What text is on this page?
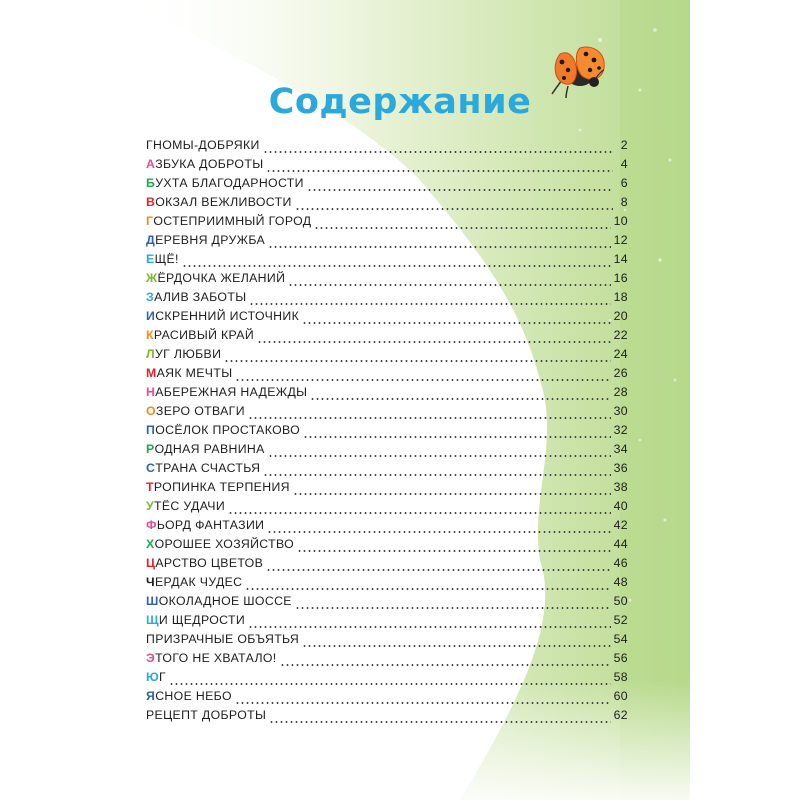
Содержание
ГНОМЫ-ДОБРЯКИ	2
АЗБУКА ДОБРОТЫ	4
БУХТА БЛАГОДАРНОСТИ	6
ВОКЗАЛ ВЕЖЛИВОСТИ	8
ГОСТЕПРИИМНЫЙ ГОРОД	10
ДЕРЕВНЯ ДРУЖБА	12
ЕЩЁ!	14
ЖЁРДОЧКА ЖЕЛАНИЙ	16
ЗАЛИВ ЗАБОТЫ	18
ИСКРЕННИЙ ИСТОЧНИК	20
КРАСИВЫЙ КРАЙ	22
ЛУГ ЛЮБВИ	24
МАЯК МЕЧТЫ	26
НАБЕРЕЖНАЯ НАДЕЖДЫ	28
ОЗЕРО ОТВАГИ	30
ПОСЁЛОК ПРОСТАКОВО	32
РОДНАЯ РАВНИНА	34
СТРАНА СЧАСТЬЯ	36
ТРОПИНКА ТЕРПЕНИЯ	38
УТЁС УДАЧИ	40
ФЬОРД ФАНТАЗИИ	42
ХОРОШЕЕ ХОЗЯЙСТВО	44
ЦАРСТВО ЦВЕТОВ	46
ЧЕРДАК ЧУДЕС	48
ШОКОЛАДНОЕ ШОССЕ	50
ЩИ ЩЕДРОСТИ	52
ПРИЗРАЧНЫЕ ОБЪЯТЬЯ	54
ЭТОГО НЕ ХВАТАЛО!	56
ЮГ	58
ЯСНОЕ НЕБО	60
РЕЦЕПТ ДОБРОТЫ	62
